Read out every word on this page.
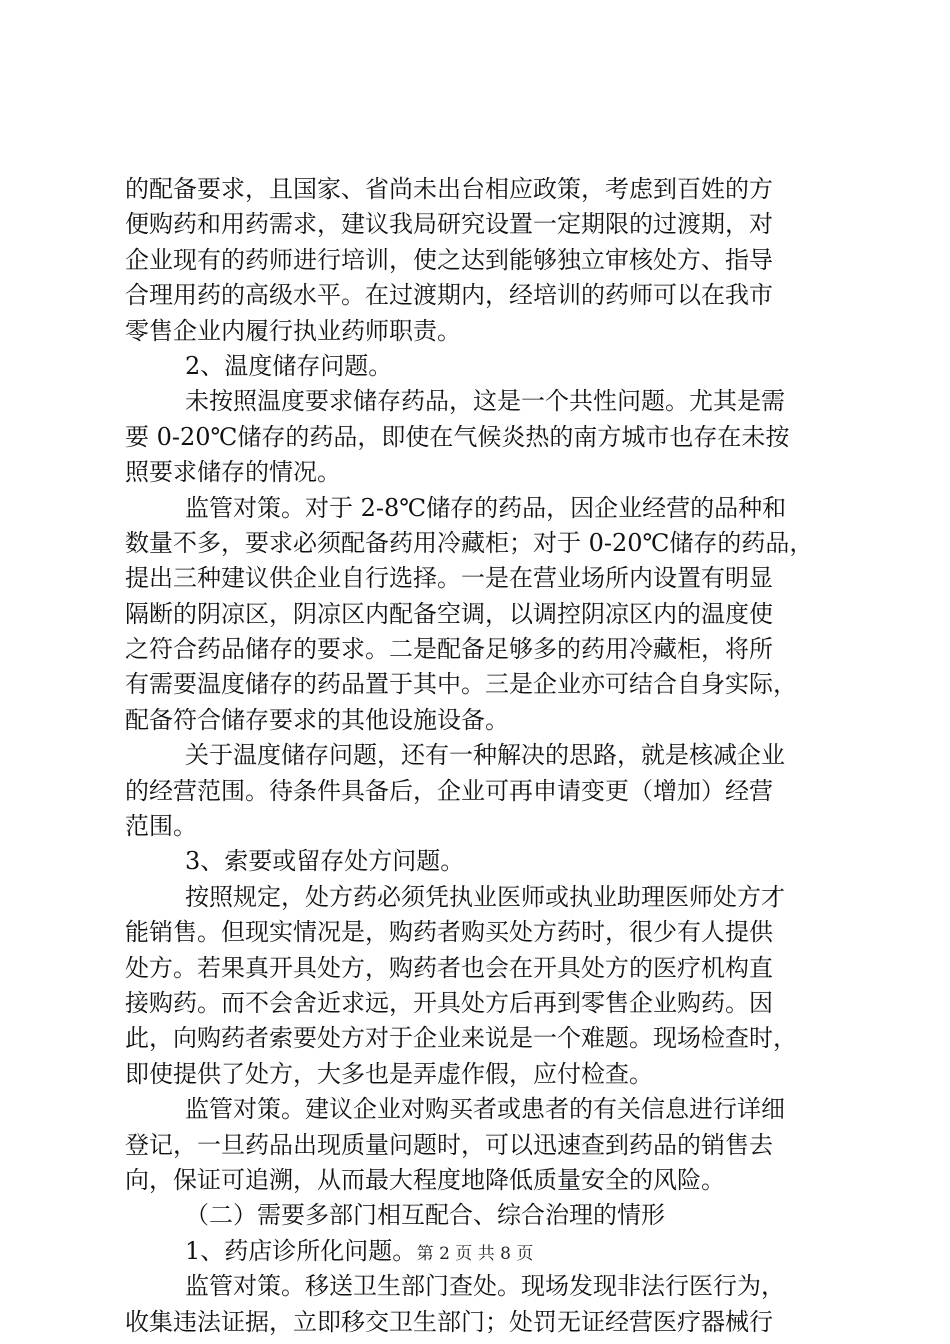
的配备要求，且国家、省尚未出台相应政策，考虑到百姓的方
便购药和用药需求，建议我局研究设置一定期限的过渡期，对
企业现有的药师进行培训，使之达到能够独立审核处方、指导
合理用药的高级水平。在过渡期内，经培训的药师可以在我市
零售企业内履行执业药师职责。
2、温度储存问题。
未按照温度要求储存药品，这是一个共性问题。尤其是需
要 0-20℃储存的药品，即使在气候炎热的南方城市也存在未按
照要求储存的情况。
监管对策。对于 2-8℃储存的药品，因企业经营的品种和
数量不多，要求必须配备药用冷藏柜；对于 0-20℃储存的药品，
提出三种建议供企业自行选择。一是在营业场所内设置有明显
隔断的阴凉区，阴凉区内配备空调，以调控阴凉区内的温度使
之符合药品储存的要求。二是配备足够多的药用冷藏柜，将所
有需要温度储存的药品置于其中。三是企业亦可结合自身实际，
配备符合储存要求的其他设施设备。
关于温度储存问题，还有一种解决的思路，就是核减企业
的经营范围。待条件具备后，企业可再申请变更（增加）经营
范围。
3、索要或留存处方问题。
按照规定，处方药必须凭执业医师或执业助理医师处方才
能销售。但现实情况是，购药者购买处方药时，很少有人提供
处方。若果真开具处方，购药者也会在开具处方的医疗机构直
接购药。而不会舍近求远，开具处方后再到零售企业购药。因
此，向购药者索要处方对于企业来说是一个难题。现场检查时，
即使提供了处方，大多也是弄虚作假，应付检查。
监管对策。建议企业对购买者或患者的有关信息进行详细
登记，一旦药品出现质量问题时，可以迅速查到药品的销售去
向，保证可追溯，从而最大程度地降低质量安全的风险。
（二）需要多部门相互配合、综合治理的情形
1、药店诊所化问题。
监管对策。移送卫生部门查处。现场发现非法行医行为，
收集违法证据，立即移交卫生部门；处罚无证经营医疗器械行
第 2 页 共 8 页
